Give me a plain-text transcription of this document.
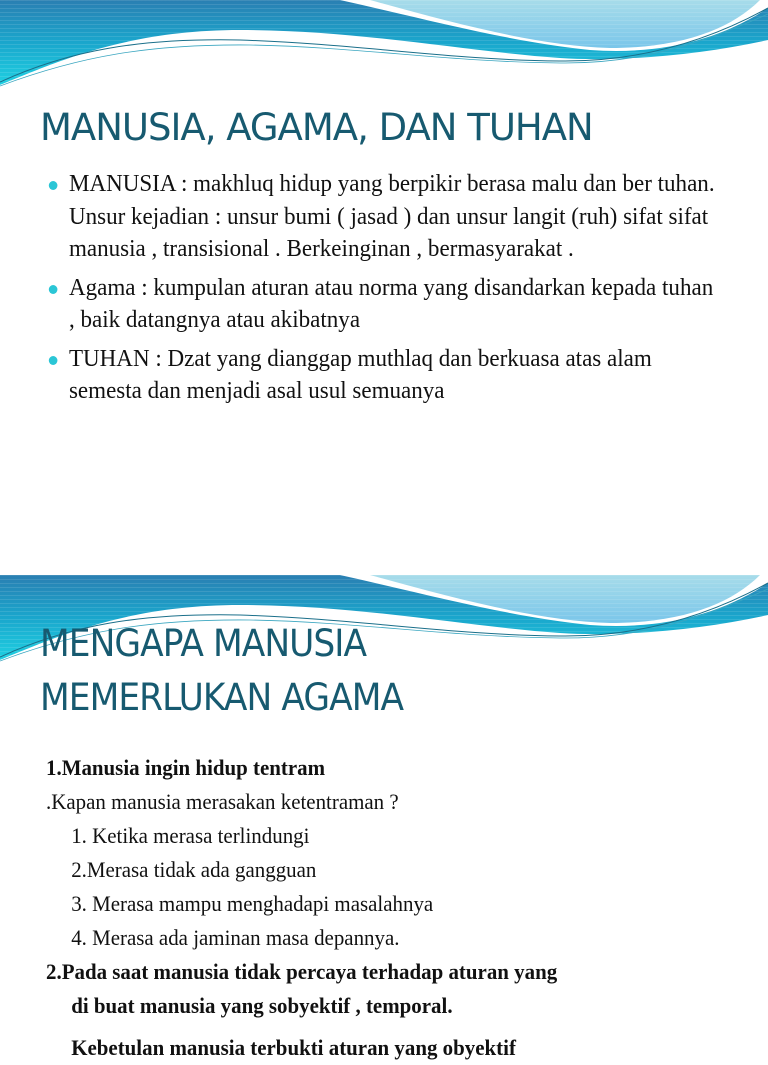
MANUSIA, AGAMA, DAN TUHAN
MANUSIA : makhluq hidup yang berpikir berasa malu dan ber tuhan. Unsur kejadian : unsur bumi ( jasad ) dan unsur langit (ruh) sifat sifat manusia , transisional . Berkeinginan , bermasyarakat .
Agama : kumpulan aturan atau norma yang disandarkan kepada tuhan , baik datangnya atau akibatnya
TUHAN : Dzat yang dianggap muthlaq dan berkuasa atas alam semesta dan menjadi asal usul semuanya
MENGAPA MANUSIA
MEMERLUKAN AGAMA
1.Manusia ingin hidup tentram
.Kapan manusia merasakan ketentraman ?
1. Ketika merasa terlindungi
2.Merasa tidak ada gangguan
3. Merasa mampu menghadapi masalahnya
4. Merasa ada jaminan masa depannya.
2.Pada saat manusia tidak percaya terhadap aturan yang
di buat manusia yang sobyektif , temporal.
Kebetulan manusia terbukti aturan yang obyektif
